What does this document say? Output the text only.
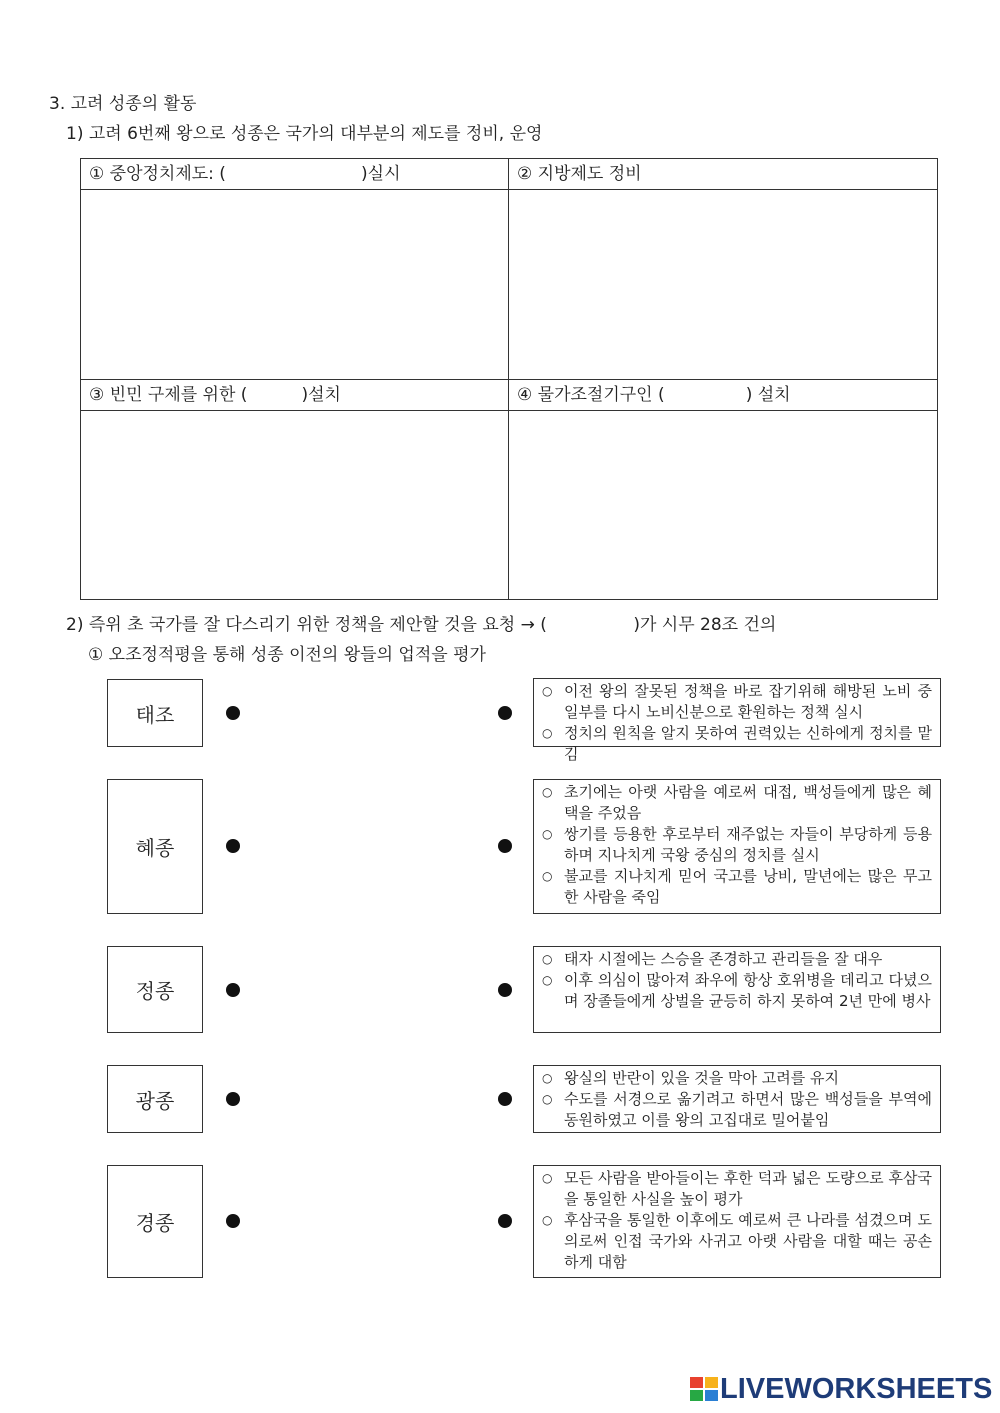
3. 고려 성종의 활동
1) 고려 6번째 왕으로 성종은 국가의 대부분의 제도를 정비, 운영
① 중앙정치제도: (                         )실시	② 지방제도 정비
③ 빈민 구제를 위한 (          )설치	④ 물가조절기구인 (               ) 설치
2) 즉위 초 국가를 잘 다스리기 위한 정책을 제안할 것을 요청 → (                )가 시무 28조 건의
① 오조정적평을 통해 성종 이전의 왕들의 업적을 평가
태조
○ 이전 왕의 잘못된 정책을 바로 잡기위해 해방된 노비 중 일부를 다시 노비신분으로 환원하는 정책 실시
○ 정치의 원칙을 알지 못하여 권력있는 신하에게 정치를 맡김
혜종
○ 초기에는 아랫 사람을 예로써 대접, 백성들에게 많은 혜택을 주었음
○ 쌍기를 등용한 후로부터 재주없는 자들이 부당하게 등용하며 지나치게 국왕 중심의 정치를 실시
○ 불교를 지나치게 믿어 국고를 낭비, 말년에는 많은 무고한 사람을 죽임
정종
○ 태자 시절에는 스승을 존경하고 관리들을 잘 대우
○ 이후 의심이 많아져 좌우에 항상 호위병을 데리고 다녔으며 장졸들에게 상벌을 균등히 하지 못하여 2년 만에 병사
광종
○ 왕실의 반란이 있을 것을 막아 고려를 유지
○ 수도를 서경으로 옮기려고 하면서 많은 백성들을 부역에 동원하였고 이를 왕의 고집대로 밀어붙임
경종
○ 모든 사람을 받아들이는 후한 덕과 넓은 도량으로 후삼국을 통일한 사실을 높이 평가
○ 후삼국을 통일한 이후에도 예로써 큰 나라를 섬겼으며 도의로써 인접 국가와 사귀고 아랫 사람을 대할 때는 공손하게 대함
LIVEWORKSHEETS
